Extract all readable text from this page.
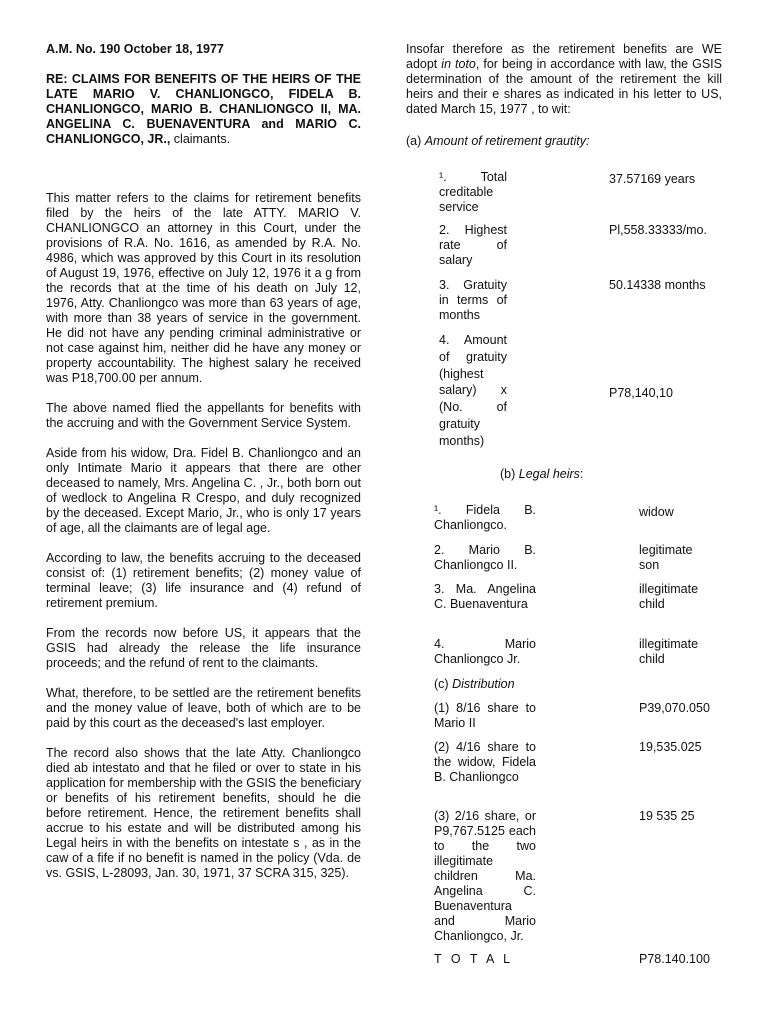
A.M. No. 190 October 18, 1977

RE: CLAIMS FOR BENEFITS OF THE HEIRS OF THE LATE MARIO V. CHANLIONGCO, FIDELA B. CHANLIONGCO, MARIO B. CHANLIONGCO II, MA. ANGELINA C. BUENAVENTURA and MARIO C. CHANLIONGCO, JR., claimants.

This matter refers to the claims for retirement benefits filed by the heirs of the late ATTY. MARIO V. CHANLIONGCO an attorney in this Court, under the provisions of R.A. No. 1616, as amended by R.A. No. 4986, which was approved by this Court in its resolution of August 19, 1976, effective on July 12, 1976 it a g from the records that at the time of his death on July 12, 1976, Atty. Chanliongco was more than 63 years of age, with more than 38 years of service in the government. He did not have any pending criminal administrative or not case against him, neither did he have any money or property accountability. The highest salary he received was P18,700.00 per annum.

The above named flied the appellants for benefits with the accruing and with the Government Service System.

Aside from his widow, Dra. Fidel B. Chanliongco and an only Intimate Mario it appears that there are other deceased to namely, Mrs. Angelina C. , Jr., both born out of wedlock to Angelina R Crespo, and duly recognized by the deceased. Except Mario, Jr., who is only 17 years of age, all the claimants are of legal age.

According to law, the benefits accruing to the deceased consist of: (1) retirement benefits; (2) money value of terminal leave; (3) life insurance and (4) refund of retirement premium.

From the records now before US, it appears that the GSIS had already the release the life insurance proceeds; and the refund of rent to the claimants.

What, therefore, to be settled are the retirement benefits and the money value of leave, both of which are to be paid by this court as the deceased's last employer.

The record also shows that the late Atty. Chanliongco died ab intestato and that he filed or over to state in his application for membership with the GSIS the beneficiary or benefits of his retirement benefits, should he die before retirement. Hence, the retirement benefits shall accrue to his estate and will be distributed among his Legal heirs in with the benefits on intestate s , as in the caw of a fife if no benefit is named in the policy (Vda. de vs. GSIS, L-28093, Jan. 30, 1971, 37 SCRA 315, 325).

Insofar therefore as the retirement benefits are WE adopt in toto, for being in accordance with law, the GSIS determination of the amount of the retirement the kill heirs and their e shares as indicated in his letter to US, dated March 15, 1977 , to wit:

(a) Amount of retirement grautity:
¹. Total creditable service
37.57169 years
2. Highest rate of salary
Pl,558.33333/mo.
3. Gratuity in terms of months
50.14338 months
4. Amount of gratuity (highest salary) x (No. of gratuity months)
P78,140,10
(b) Legal heirs:
¹. Fidela B. Chanliongco.
widow
2. Mario B. Chanliongco II.
legitimate son
3. Ma. Angelina C. Buenaventura
illegitimate child
4. Mario Chanliongco Jr.
illegitimate child
(c) Distribution
(1) 8/16 share to Mario II
P39,070.050
(2) 4/16 share to the widow, Fidela B. Chanliongco
19,535.025
(3) 2/16 share, or P9,767.5125 each to the two illegitimate children Ma. Angelina C. Buenaventura and Mario Chanliongco, Jr.
19 535 25
T O T A L	P78.140.100
